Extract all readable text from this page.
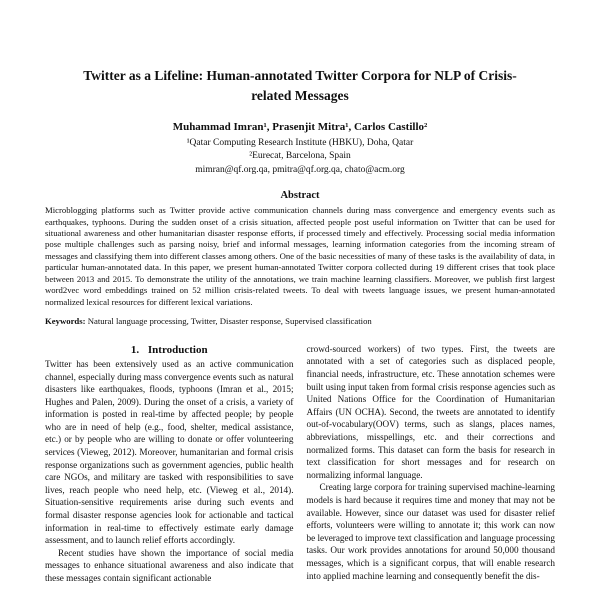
Twitter as a Lifeline: Human-annotated Twitter Corpora for NLP of Crisis-related Messages

Muhammad Imran¹, Prasenjit Mitra¹, Carlos Castillo²

¹Qatar Computing Research Institute (HBKU), Doha, Qatar

²Eurecat, Barcelona, Spain

mimran@qf.org.qa, pmitra@qf.org.qa, chato@acm.org

Abstract

Microblogging platforms such as Twitter provide active communication channels during mass convergence and emergency events such as earthquakes, typhoons. During the sudden onset of a crisis situation, affected people post useful information on Twitter that can be used for situational awareness and other humanitarian disaster response efforts, if processed timely and effectively. Processing social media information pose multiple challenges such as parsing noisy, brief and informal messages, learning information categories from the incoming stream of messages and classifying them into different classes among others. One of the basic necessities of many of these tasks is the availability of data, in particular human-annotated data. In this paper, we present human-annotated Twitter corpora collected during 19 different crises that took place between 2013 and 2015. To demonstrate the utility of the annotations, we train machine learning classifiers. Moreover, we publish first largest word2vec word embeddings trained on 52 million crisis-related tweets. To deal with tweets language issues, we present human-annotated normalized lexical resources for different lexical variations.

Keywords: Natural language processing, Twitter, Disaster response, Supervised classification

1. Introduction

Twitter has been extensively used as an active communication channel, especially during mass convergence events such as natural disasters like earthquakes, floods, typhoons (Imran et al., 2015; Hughes and Palen, 2009). During the onset of a crisis, a variety of information is posted in real-time by affected people; by people who are in need of help (e.g., food, shelter, medical assistance, etc.) or by people who are willing to donate or offer volunteering services (Vieweg, 2012). Moreover, humanitarian and formal crisis response organizations such as government agencies, public health care NGOs, and military are tasked with responsibilities to save lives, reach people who need help, etc. (Vieweg et al., 2014). Situation-sensitive requirements arise during such events and formal disaster response agencies look for actionable and tactical information in real-time to effectively estimate early damage assessment, and to launch relief efforts accordingly.

Recent studies have shown the importance of social media messages to enhance situational awareness and also indicate that these messages contain significant actionable

crowd-sourced workers) of two types. First, the tweets are annotated with a set of categories such as displaced people, financial needs, infrastructure, etc. These annotation schemes were built using input taken from formal crisis response agencies such as United Nations Office for the Coordination of Humanitarian Affairs (UN OCHA). Second, the tweets are annotated to identify out-of-vocabulary(OOV) terms, such as slangs, places names, abbreviations, misspellings, etc. and their corrections and normalized forms. This dataset can form the basis for research in text classification for short messages and for research on normalizing informal language.

Creating large corpora for training supervised machine-learning models is hard because it requires time and money that may not be available. However, since our dataset was used for disaster relief efforts, volunteers were willing to annotate it; this work can now be leveraged to improve text classification and language processing tasks. Our work provides annotations for around 50,000 thousand messages, which is a significant corpus, that will enable research into applied machine learning and consequently benefit the dis-
